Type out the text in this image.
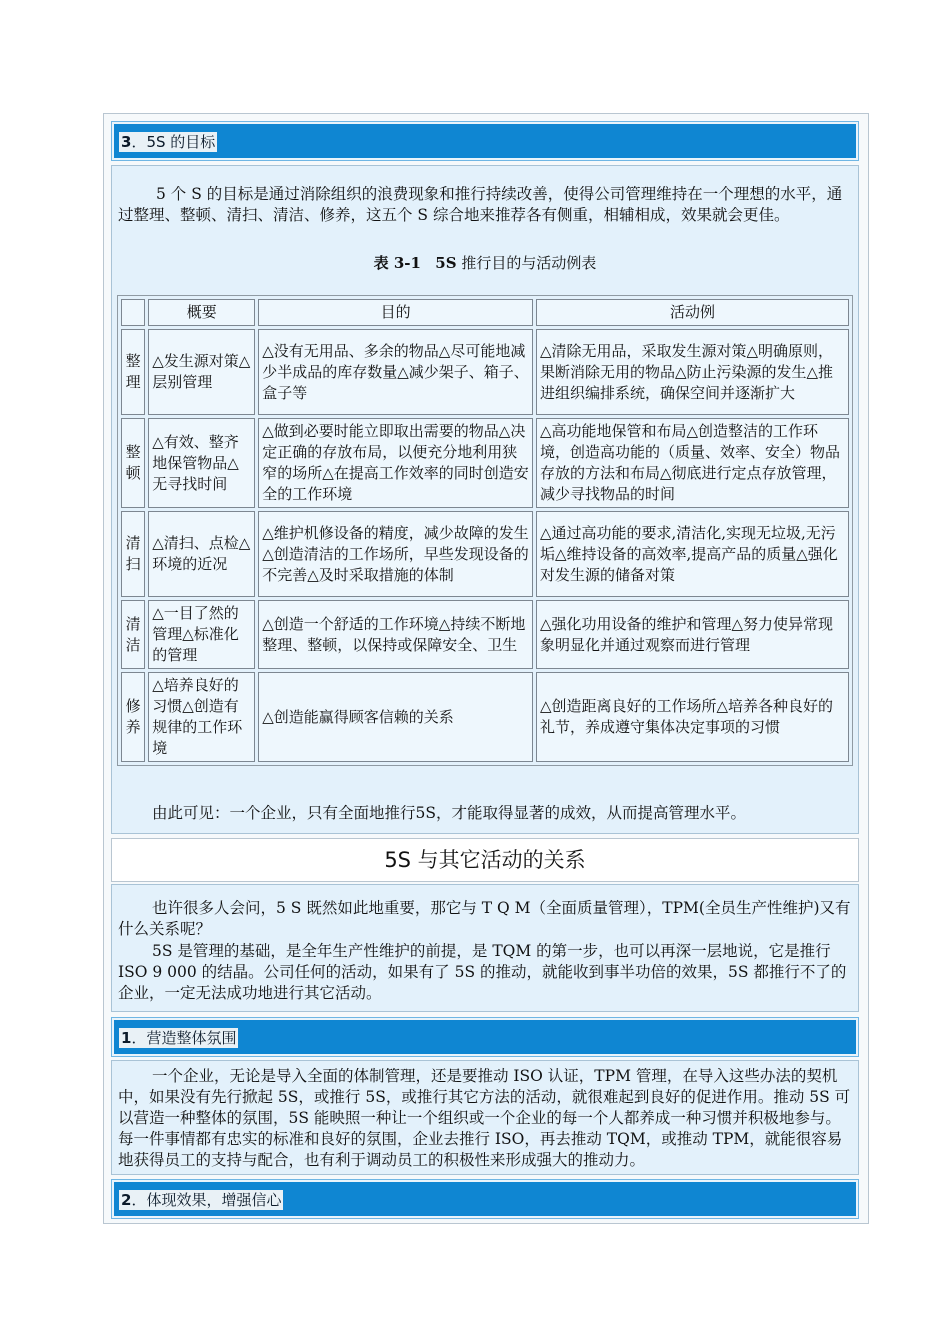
3．5S 的目标

5 个 S 的目标是通过消除组织的浪费现象和推行持续改善，使得公司管理维持在一个理想的水平，通过整理、整顿、清扫、清洁、修养，这五个 S 综合地来推荐各有侧重，相辅相成，效果就会更佳。

表 3-1 5S 推行目的与活动例表
	概要	目的	活动例
整理	△发生源对策△层别管理	△没有无用品、多余的物品△尽可能地减少半成品的库存数量△减少架子、箱子、盒子等	△清除无用品，采取发生源对策△明确原则，果断消除无用的物品△防止污染源的发生△推进组织编排系统，确保空间并逐渐扩大
整顿	△有效、整齐地保管物品△无寻找时间	△做到必要时能立即取出需要的物品△决定正确的存放布局，以便充分地利用狭窄的场所△在提高工作效率的同时创造安全的工作环境	△高功能地保管和布局△创造整洁的工作环境，创造高功能的（质量、效率、安全）物品存放的方法和布局△彻底进行定点存放管理，减少寻找物品的时间
清扫	△清扫、点检△环境的近况	△维护机修设备的精度，减少故障的发生△创造清洁的工作场所，早些发现设备的不完善△及时采取措施的体制	△通过高功能的要求,清洁化,实现无垃圾,无污垢△维持设备的高效率,提高产品的质量△强化对发生源的储备对策
清洁	△一目了然的管理△标准化的管理	△创造一个舒适的工作环境△持续不断地整理、整顿，以保持或保障安全、卫生	△强化功用设备的维护和管理△努力使异常现象明显化并通过观察而进行管理
修养	△培养良好的习惯△创造有规律的工作环境	△创造能赢得顾客信赖的关系	△创造距离良好的工作场所△培养各种良好的礼节，养成遵守集体决定事项的习惯

由此可见：一个企业，只有全面地推行5S，才能取得显著的成效，从而提高管理水平。

5S 与其它活动的关系

也许很多人会问，5 S 既然如此地重要，那它与 T Q M（全面质量管理），TPM(全员生产性维护)又有什么关系呢？

5S 是管理的基础，是全年生产性维护的前提，是 TQM 的第一步，也可以再深一层地说，它是推行 ISO 9 000 的结晶。公司任何的活动，如果有了 5S 的推动，就能收到事半功倍的效果，5S 都推行不了的企业，一定无法成功地进行其它活动。

1．营造整体氛围

一个企业，无论是导入全面的体制管理，还是要推动 ISO 认证，TPM 管理，在导入这些办法的契机中，如果没有先行掀起 5S，或推行 5S，或推行其它方法的活动，就很难起到良好的促进作用。推动 5S 可以营造一种整体的氛围，5S 能映照一种让一个组织或一个企业的每一个人都养成一种习惯并积极地参与。每一件事情都有忠实的标准和良好的氛围，企业去推行 ISO，再去推动 TQM，或推动 TPM，就能很容易地获得员工的支持与配合，也有利于调动员工的积极性来形成强大的推动力。

2．体现效果，增强信心
